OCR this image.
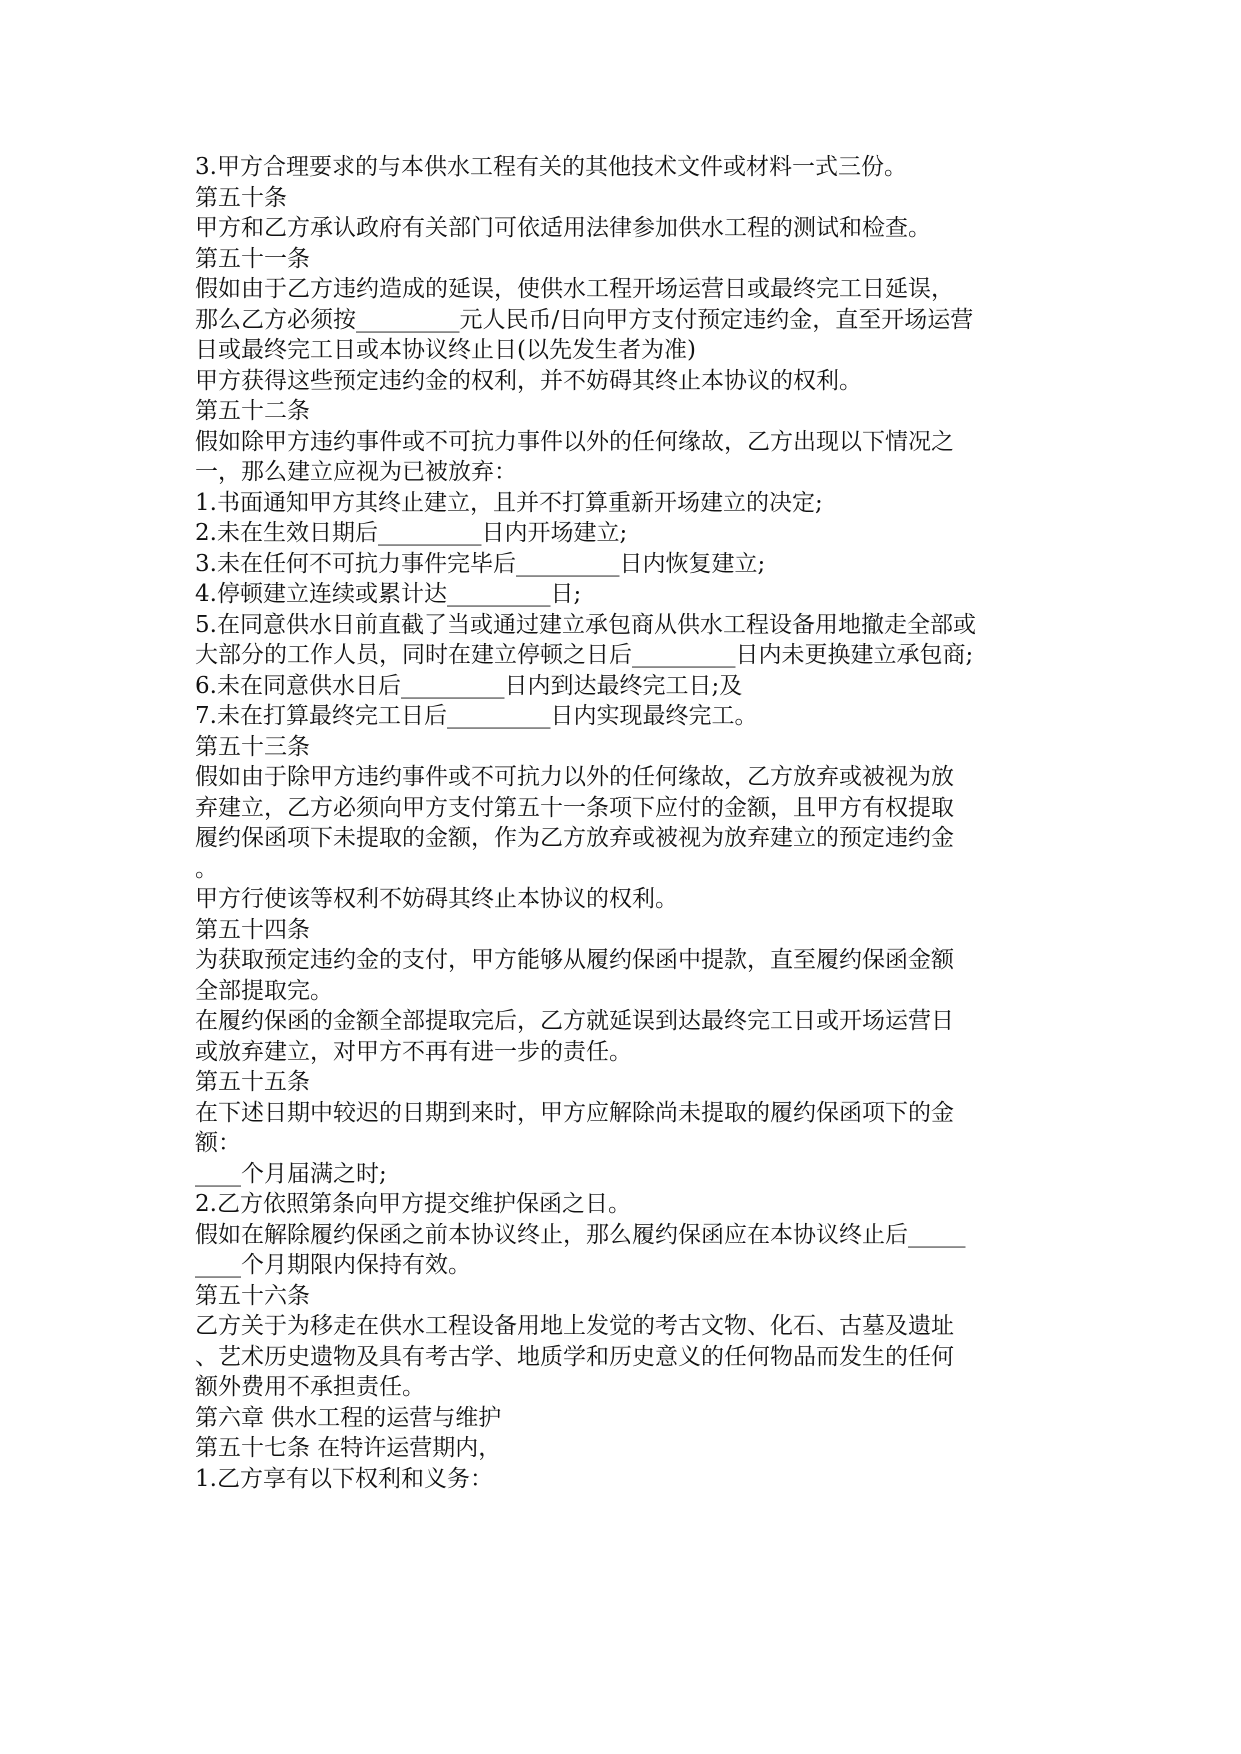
3.甲方合理要求的与本供水工程有关的其他技术文件或材料一式三份。
第五十条
甲方和乙方承认政府有关部门可依适用法律参加供水工程的测试和检查。
第五十一条
假如由于乙方违约造成的延误，使供水工程开场运营日或最终完工日延误，
那么乙方必须按_________元人民币/日向甲方支付预定违约金，直至开场运营
日或最终完工日或本协议终止日(以先发生者为准)
甲方获得这些预定违约金的权利，并不妨碍其终止本协议的权利。
第五十二条
假如除甲方违约事件或不可抗力事件以外的任何缘故，乙方出现以下情况之
一，那么建立应视为已被放弃：
1.书面通知甲方其终止建立，且并不打算重新开场建立的决定;
2.未在生效日期后_________日内开场建立;
3.未在任何不可抗力事件完毕后_________日内恢复建立;
4.停顿建立连续或累计达_________日;
5.在同意供水日前直截了当或通过建立承包商从供水工程设备用地撤走全部或
大部分的工作人员，同时在建立停顿之日后_________日内未更换建立承包商;
6.未在同意供水日后_________日内到达最终完工日;及
7.未在打算最终完工日后_________日内实现最终完工。
第五十三条
假如由于除甲方违约事件或不可抗力以外的任何缘故，乙方放弃或被视为放
弃建立，乙方必须向甲方支付第五十一条项下应付的金额，且甲方有权提取
履约保函项下未提取的金额，作为乙方放弃或被视为放弃建立的预定违约金
。
甲方行使该等权利不妨碍其终止本协议的权利。
第五十四条
为获取预定违约金的支付，甲方能够从履约保函中提款，直至履约保函金额
全部提取完。
在履约保函的金额全部提取完后，乙方就延误到达最终完工日或开场运营日
或放弃建立，对甲方不再有进一步的责任。
第五十五条
在下述日期中较迟的日期到来时，甲方应解除尚未提取的履约保函项下的金
额：
____个月届满之时;
2.乙方依照第条向甲方提交维护保函之日。
假如在解除履约保函之前本协议终止，那么履约保函应在本协议终止后_____
____个月期限内保持有效。
第五十六条
乙方关于为移走在供水工程设备用地上发觉的考古文物、化石、古墓及遗址
、艺术历史遗物及具有考古学、地质学和历史意义的任何物品而发生的任何
额外费用不承担责任。
第六章 供水工程的运营与维护
第五十七条 在特许运营期内，
1.乙方享有以下权利和义务：
